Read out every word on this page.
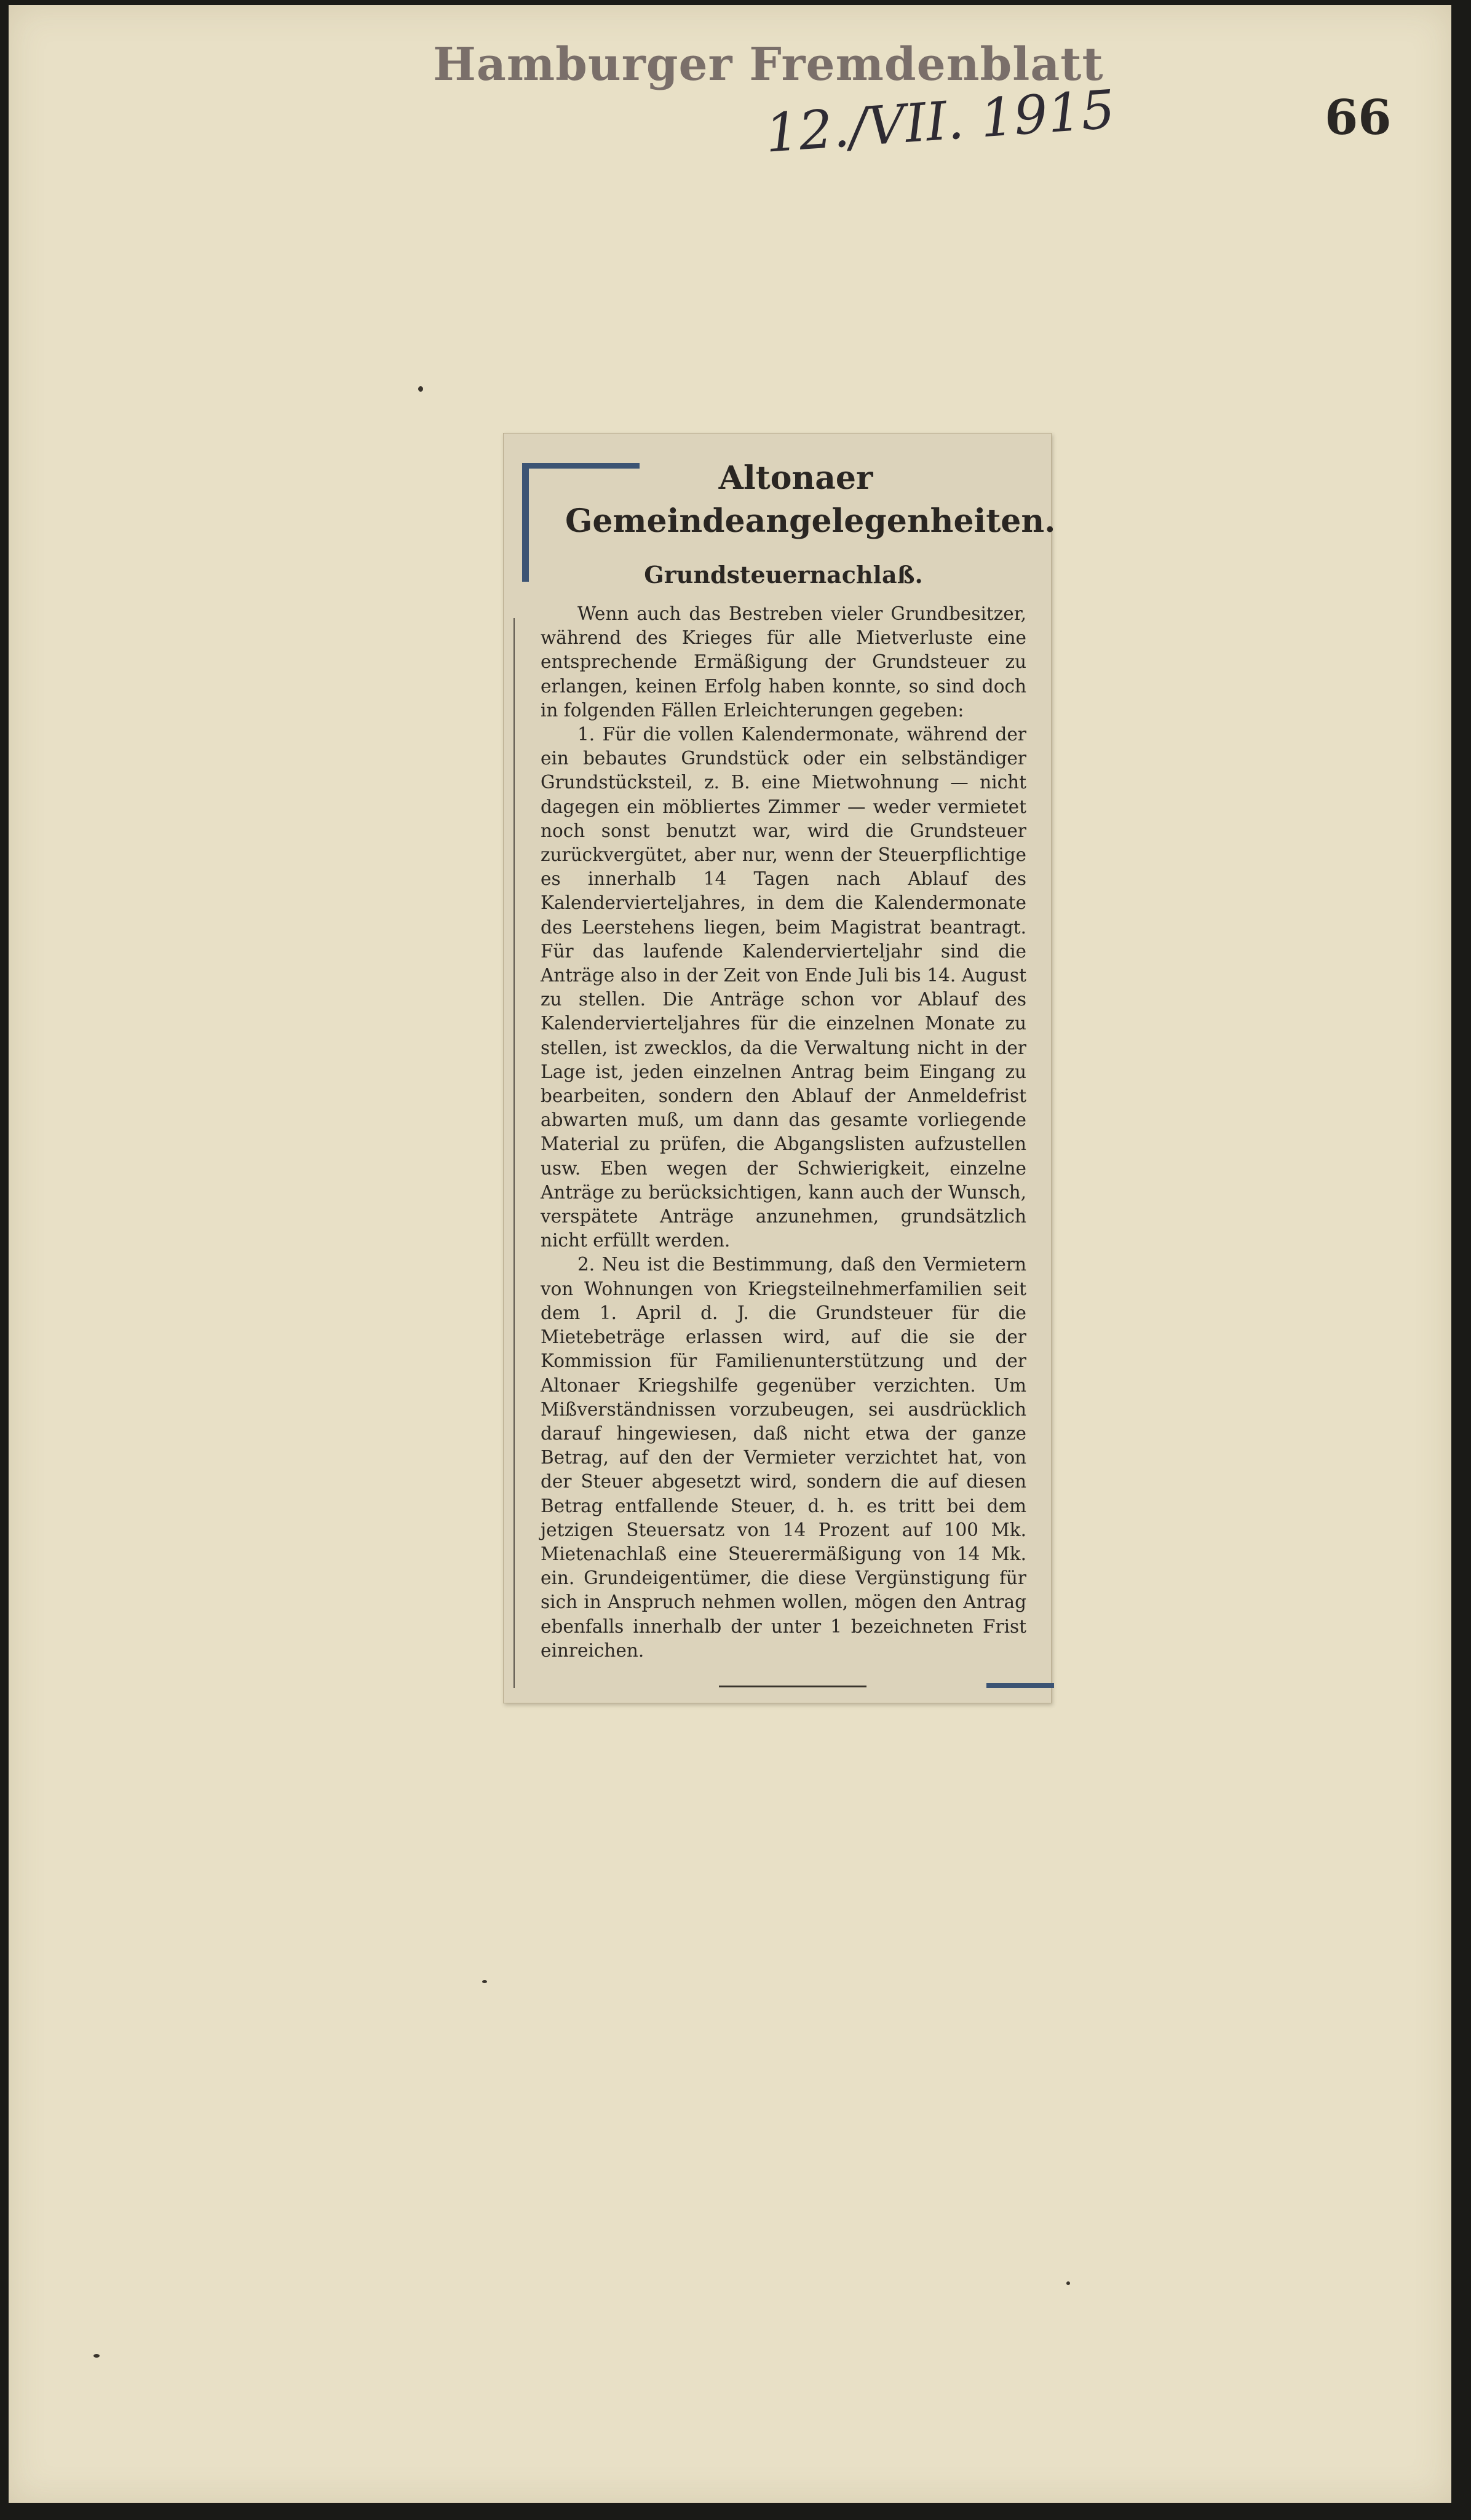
Hamburger Fremdenblatt
12./VII. 1915	66
Altonaer
Gemeindeangelegenheiten.
Grundsteuernachlaß.

Wenn auch das Bestreben vieler Grundbesitzer, während des Krieges für alle Mietverluste eine entsprechende Ermäßigung der Grundsteuer zu erlangen, keinen Erfolg haben konnte, so sind doch in folgenden Fällen Erleichterungen gegeben:

1. Für die vollen Kalendermonate, während der ein bebautes Grundstück oder ein selbständiger Grundstücksteil, z. B. eine Mietwohnung — nicht dagegen ein möbliertes Zimmer — weder vermietet noch sonst benutzt war, wird die Grundsteuer zurückvergütet, aber nur, wenn der Steuerpflichtige es innerhalb 14 Tagen nach Ablauf des Kalendervierteljahres, in dem die Kalendermonate des Leerstehens liegen, beim Magistrat beantragt. Für das laufende Kalendervierteljahr sind die Anträge also in der Zeit von Ende Juli bis 14. August zu stellen. Die Anträge schon vor Ablauf des Kalendervierteljahres für die einzelnen Monate zu stellen, ist zwecklos, da die Verwaltung nicht in der Lage ist, jeden einzelnen Antrag beim Eingang zu bearbeiten, sondern den Ablauf der Anmeldefrist abwarten muß, um dann das gesamte vorliegende Material zu prüfen, die Abgangslisten aufzustellen usw. Eben wegen der Schwierigkeit, einzelne Anträge zu berücksichtigen, kann auch der Wunsch, verspätete Anträge anzunehmen, grundsätzlich nicht erfüllt werden.

2. Neu ist die Bestimmung, daß den Vermietern von Wohnungen von Kriegsteilnehmerfamilien seit dem 1. April d. J. die Grundsteuer für die Mietebeträge erlassen wird, auf die sie der Kommission für Familienunterstützung und der Altonaer Kriegshilfe gegenüber verzichten. Um Mißverständnissen vorzubeugen, sei ausdrücklich darauf hingewiesen, daß nicht etwa der ganze Betrag, auf den der Vermieter verzichtet hat, von der Steuer abgesetzt wird, sondern die auf diesen Betrag entfallende Steuer, d. h. es tritt bei dem jetzigen Steuersatz von 14 Prozent auf 100 Mk. Mietenachlaß eine Steuerermäßigung von 14 Mk. ein. Grundeigentümer, die diese Vergünstigung für sich in Anspruch nehmen wollen, mögen den Antrag ebenfalls innerhalb der unter 1 bezeichneten Frist einreichen.
